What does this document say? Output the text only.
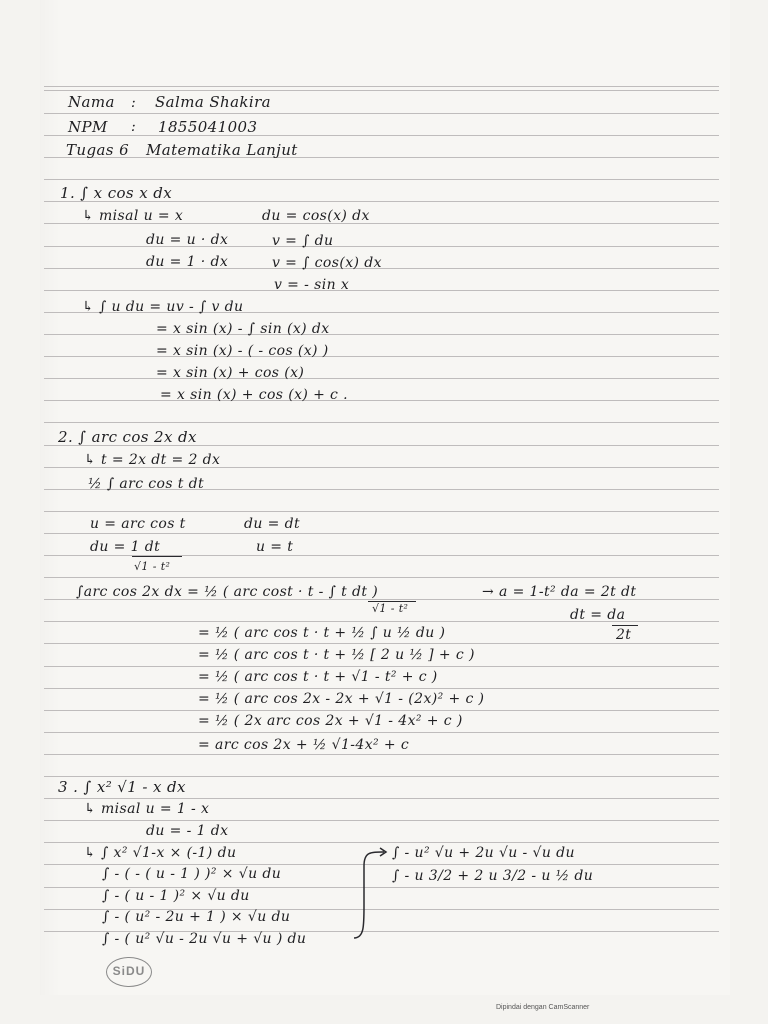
Nama : Salma Shakira
NPM : 1855041003
Tugas 6 Matematika Lanjut
1. ∫ x cos x dx
↳ misal u = x	du = cos(x) dx
du = u · dx	v = ∫ du
du = 1 · dx	v = ∫ cos(x) dx
v = - sin x
↳ ∫ u du = uv - ∫ v du
= x sin (x) - ∫ sin (x) dx
= x sin (x) - ( - cos (x) )
= x sin (x) + cos (x)
= x sin (x) + cos (x) + c .
2. ∫ arc cos 2x dx
↳ t = 2x dt = 2 dx
½ ∫ arc cos t dt
u = arc cos t	du = dt
du = 1 dt
√1 - t²
u = t
∫arc cos 2x dx = ½ ( arc cost · t - ∫ t dt )
√1 - t²
→ a = 1-t² da = 2t dt
dt = da
2t
= ½ ( arc cos t · t + ½ ∫ u ½ du )
= ½ ( arc cos t · t + ½ [ 2 u ½ ] + c )
= ½ ( arc cos t · t + √1 - t² + c )
= ½ ( arc cos 2x - 2x + √1 - (2x)² + c )
= ½ ( 2x arc cos 2x + √1 - 4x² + c )
= arc cos 2x + ½ √1-4x² + c
3 . ∫ x² √1 - x dx
↳ misal u = 1 - x
du = - 1 dx
↳ ∫ x² √1-x × (-1) du
∫ - ( - ( u - 1 ) )² × √u du
∫ - ( u - 1 )² × √u du
∫ - ( u² - 2u + 1 ) × √u du
∫ - ( u² √u - 2u √u + √u ) du
∫ - u² √u + 2u √u - √u du
∫ - u 3/2 + 2 u 3/2 - u ½ du
SiDU
Dipindai dengan CamScanner
